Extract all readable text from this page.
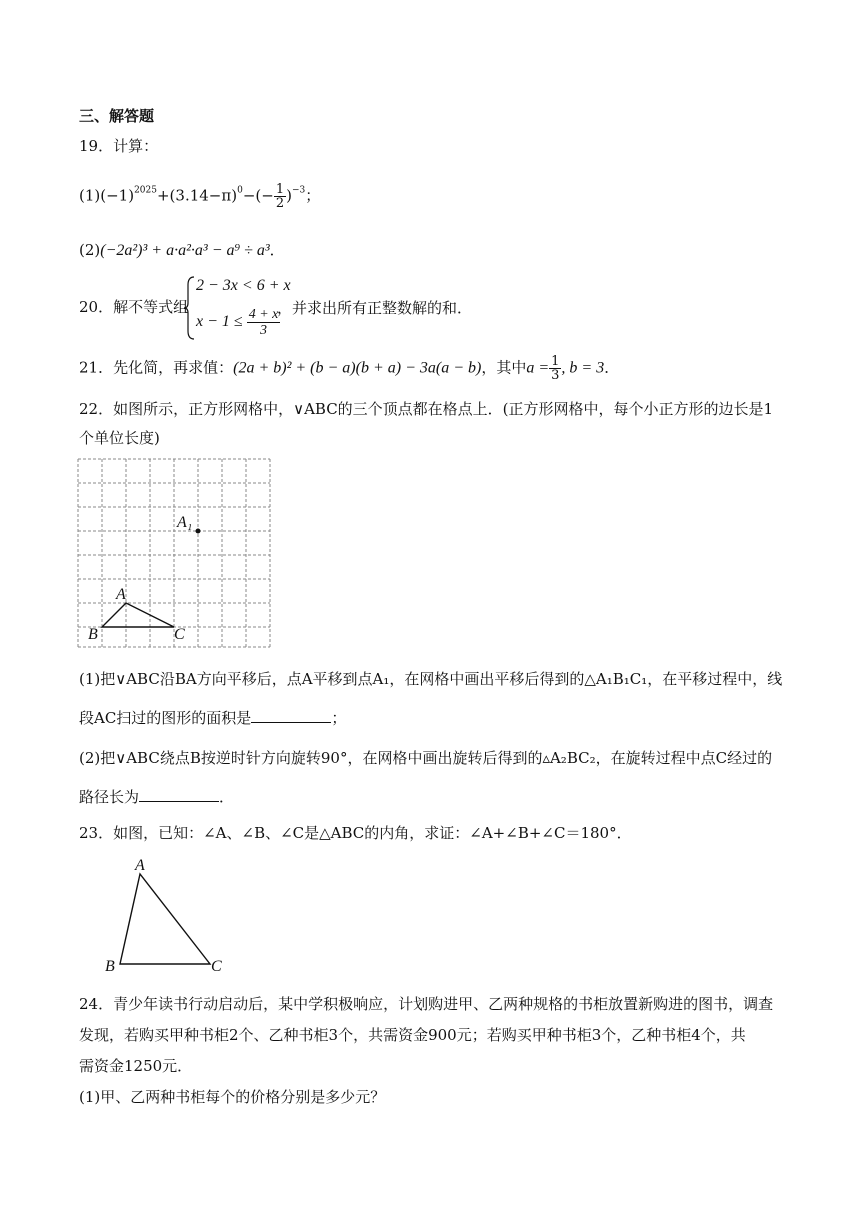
三、解答题
19．计算：
$(1)(-1)^{2025}+(3.14-\pi)^0-(- \frac{1}{2} )^{-3}$；
(2)(−2a²)³ + a·a²·a³ − a⁹ ÷ a³．
20．解不等式组
2 − 3x < 6 + x
$x - 1 \le \frac{4 + x}{3}$
，并求出所有正整数解的和．
21．先化简，再求值：(2a + b)² + (b − a)(b + a) − 3a(a − b)，其中$a = \frac{1}{3}$ , b = 3．
22．如图所示，正方形网格中，∨ABC的三个顶点都在格点上．(正方形网格中，每个小正方形的边长是1
个单位长度)
A₁
A
B	C
(1)把∨ABC沿BA方向平移后，点A平移到点A₁，在网格中画出平移后得到的△A₁B₁C₁，在平移过程中，线
段AC扫过的图形的面积是	；
(2)把∨ABC绕点B按逆时针方向旋转90°，在网格中画出旋转后得到的▵A₂BC₂，在旋转过程中点C经过的
路径长为	．
23．如图，已知：∠A、∠B、∠C是△ABC的内角，求证：∠A+∠B+∠C＝180°．
A
B	C
24．青少年读书行动启动后，某中学积极响应，计划购进甲、乙两种规格的书柜放置新购进的图书，调查
发现，若购买甲种书柜2个、乙种书柜3个，共需资金900元；若购买甲种书柜3个，乙种书柜4个，共
需资金1250元．
(1)甲、乙两种书柜每个的价格分别是多少元？
